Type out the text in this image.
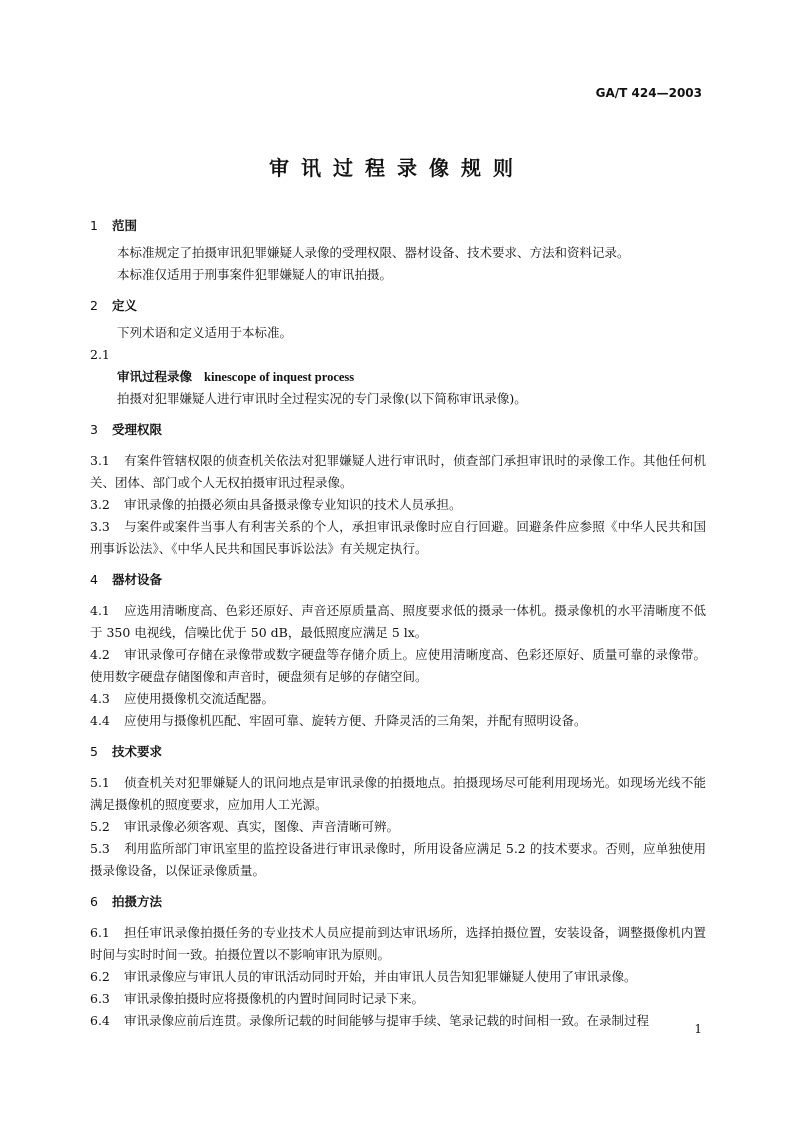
GA/T 424—2003
审讯过程录像规则

1 范围

本标准规定了拍摄审讯犯罪嫌疑人录像的受理权限、器材设备、技术要求、方法和资料记录。

本标准仅适用于刑事案件犯罪嫌疑人的审讯拍摄。

2 定义

下列术语和定义适用于本标准。

2.1

审讯过程录像 kinescope of inquest process

拍摄对犯罪嫌疑人进行审讯时全过程实况的专门录像(以下简称审讯录像)。

3 受理权限

3.1 有案件管辖权限的侦查机关依法对犯罪嫌疑人进行审讯时，侦查部门承担审讯时的录像工作。其他任何机关、团体、部门或个人无权拍摄审讯过程录像。

3.2 审讯录像的拍摄必须由具备摄录像专业知识的技术人员承担。

3.3 与案件或案件当事人有利害关系的个人，承担审讯录像时应自行回避。回避条件应参照《中华人民共和国刑事诉讼法》、《中华人民共和国民事诉讼法》有关规定执行。

4 器材设备

4.1 应选用清晰度高、色彩还原好、声音还原质量高、照度要求低的摄录一体机。摄录像机的水平清晰度不低于 350 电视线，信噪比优于 50 dB，最低照度应满足 5 lx。

4.2 审讯录像可存储在录像带或数字硬盘等存储介质上。应使用清晰度高、色彩还原好、质量可靠的录像带。使用数字硬盘存储图像和声音时，硬盘须有足够的存储空间。

4.3 应使用摄像机交流适配器。

4.4 应使用与摄像机匹配、牢固可靠、旋转方便、升降灵活的三角架，并配有照明设备。

5 技术要求

5.1 侦查机关对犯罪嫌疑人的讯问地点是审讯录像的拍摄地点。拍摄现场尽可能利用现场光。如现场光线不能满足摄像机的照度要求，应加用人工光源。

5.2 审讯录像必须客观、真实，图像、声音清晰可辨。

5.3 利用监所部门审讯室里的监控设备进行审讯录像时，所用设备应满足 5.2 的技术要求。否则，应单独使用摄录像设备，以保证录像质量。

6 拍摄方法

6.1 担任审讯录像拍摄任务的专业技术人员应提前到达审讯场所，选择拍摄位置，安装设备，调整摄像机内置时间与实时时间一致。拍摄位置以不影响审讯为原则。

6.2 审讯录像应与审讯人员的审讯活动同时开始，并由审讯人员告知犯罪嫌疑人使用了审讯录像。

6.3 审讯录像拍摄时应将摄像机的内置时间同时记录下来。

6.4 审讯录像应前后连贯。录像所记载的时间能够与提审手续、笔录记载的时间相一致。在录制过程

1
